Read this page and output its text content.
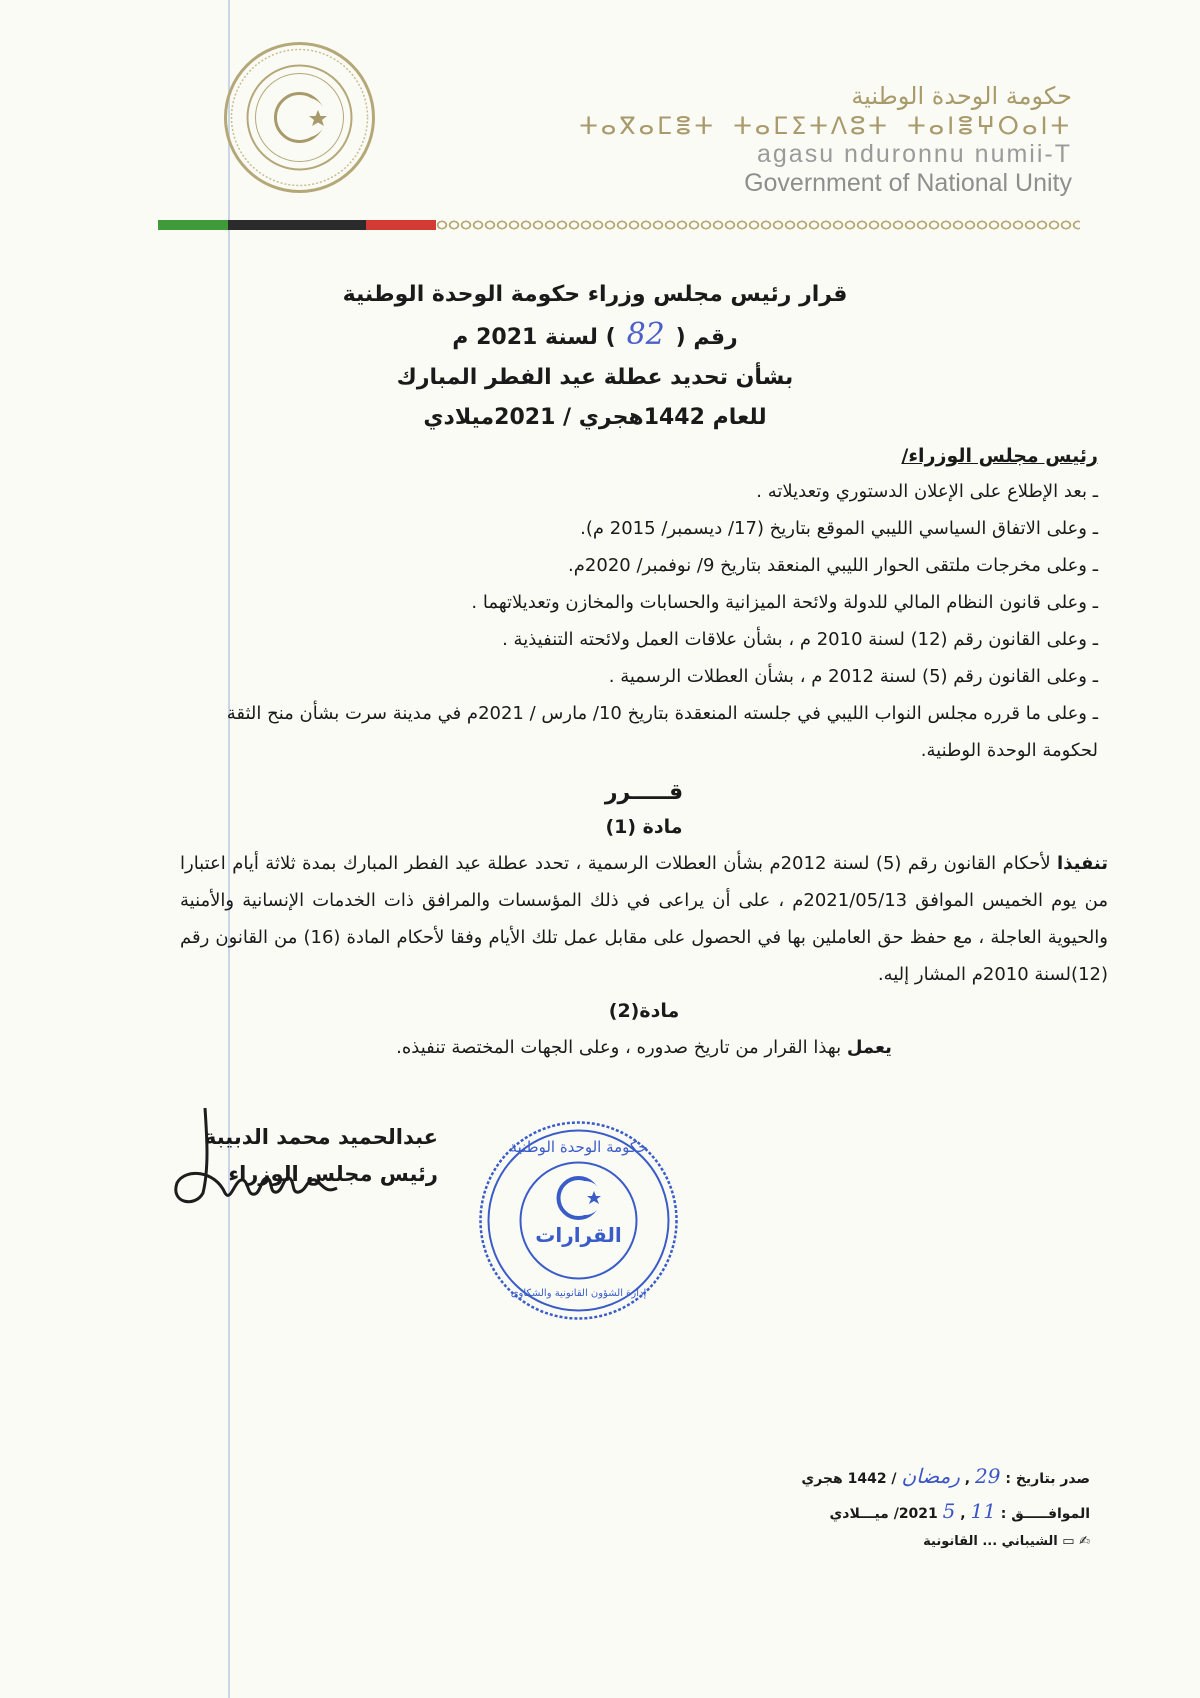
حكومة الوحدة الوطنية
ⵜⴰⴳⴰⵎⴻⵜ ⵜⴰⵎⵉⵜⴷⵓⵜ ⵜⴰⵏⴻⵖⵔⴰⵏⵜ
agasu nduronnu numii-T
Government of National Unity
قرار رئيس مجلس وزراء حكومة الوحدة الوطنية
رقم (82) لسنة 2021 م
بشأن تحديد عطلة عيد الفطر المبارك
للعام 1442هجري / 2021ميلادي
رئيس مجلس الوزراء/
ـ بعد الإطلاع على الإعلان الدستوري وتعديلاته .
ـ وعلى الاتفاق السياسي الليبي الموقع بتاريخ (17/ ديسمبر/ 2015 م).
ـ وعلى مخرجات ملتقى الحوار الليبي المنعقد بتاريخ 9/ نوفمبر/ 2020م.
ـ وعلى قانون النظام المالي للدولة ولائحة الميزانية والحسابات والمخازن وتعديلاتهما .
ـ وعلى القانون رقم (12) لسنة 2010 م ، بشأن علاقات العمل ولائحته التنفيذية .
ـ وعلى القانون رقم (5) لسنة 2012 م ، بشأن العطلات الرسمية .
ـ وعلى ما قرره مجلس النواب الليبي في جلسته المنعقدة بتاريخ 10/ مارس / 2021م في مدينة سرت بشأن منح الثقة لحكومة الوحدة الوطنية.
قـــــرر
مادة (1)
تنفيذا لأحكام القانون رقم (5) لسنة 2012م بشأن العطلات الرسمية ، تحدد عطلة عيد الفطر المبارك بمدة ثلاثة أيام اعتبارا من يوم الخميس الموافق 2021/05/13م ، على أن يراعى في ذلك المؤسسات والمرافق ذات الخدمات الإنسانية والأمنية والحيوية العاجلة ، مع حفظ حق العاملين بها في الحصول على مقابل عمل تلك الأيام وفقا لأحكام المادة (16) من القانون رقم (12)لسنة 2010م المشار إليه.
مادة(2)
يعمل بهذا القرار من تاريخ صدوره ، وعلى الجهات المختصة تنفيذه.
عبدالحميد محمد الدبيبة
رئيس مجلس الوزراء
القرارات
حكومة الوحدة الوطنية
إدارة الشؤون القانونية والشكاوى
صدر بتاريخ : 29 , رمضان / 1442 هجري
الموافـــــق : 11 , 5 2021/ ميـــلادي
✍ ▭ الشيباني ... القانونية
